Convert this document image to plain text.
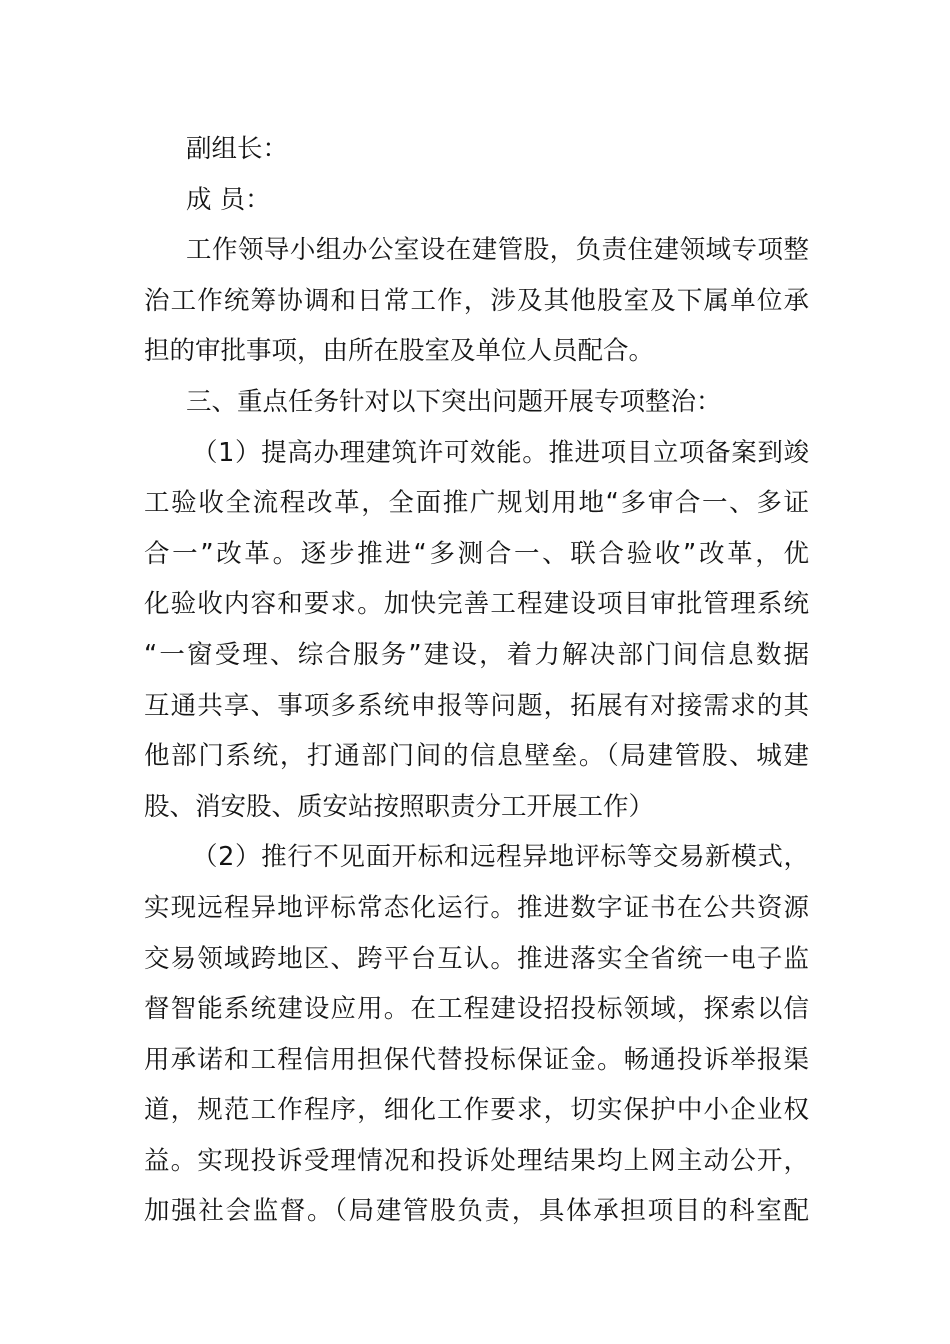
副组长：
成 员：
工作领导小组办公室设在建管股，负责住建领域专项整
治工作统筹协调和日常工作，涉及其他股室及下属单位承
担的审批事项，由所在股室及单位人员配合。
三、重点任务针对以下突出问题开展专项整治：
（1）提高办理建筑许可效能。推进项目立项备案到竣
工验收全流程改革，全面推广规划用地“多审合一、多证
合一”改革。逐步推进“多测合一、联合验收”改革，优
化验收内容和要求。加快完善工程建设项目审批管理系统
“一窗受理、综合服务”建设，着力解决部门间信息数据
互通共享、事项多系统申报等问题，拓展有对接需求的其
他部门系统，打通部门间的信息壁垒。（局建管股、城建
股、消安股、质安站按照职责分工开展工作）
（2）推行不见面开标和远程异地评标等交易新模式，
实现远程异地评标常态化运行。推进数字证书在公共资源
交易领域跨地区、跨平台互认。推进落实全省统一电子监
督智能系统建设应用。在工程建设招投标领域，探索以信
用承诺和工程信用担保代替投标保证金。畅通投诉举报渠
道，规范工作程序，细化工作要求，切实保护中小企业权
益。实现投诉受理情况和投诉处理结果均上网主动公开，
加强社会监督。（局建管股负责，具体承担项目的科室配
